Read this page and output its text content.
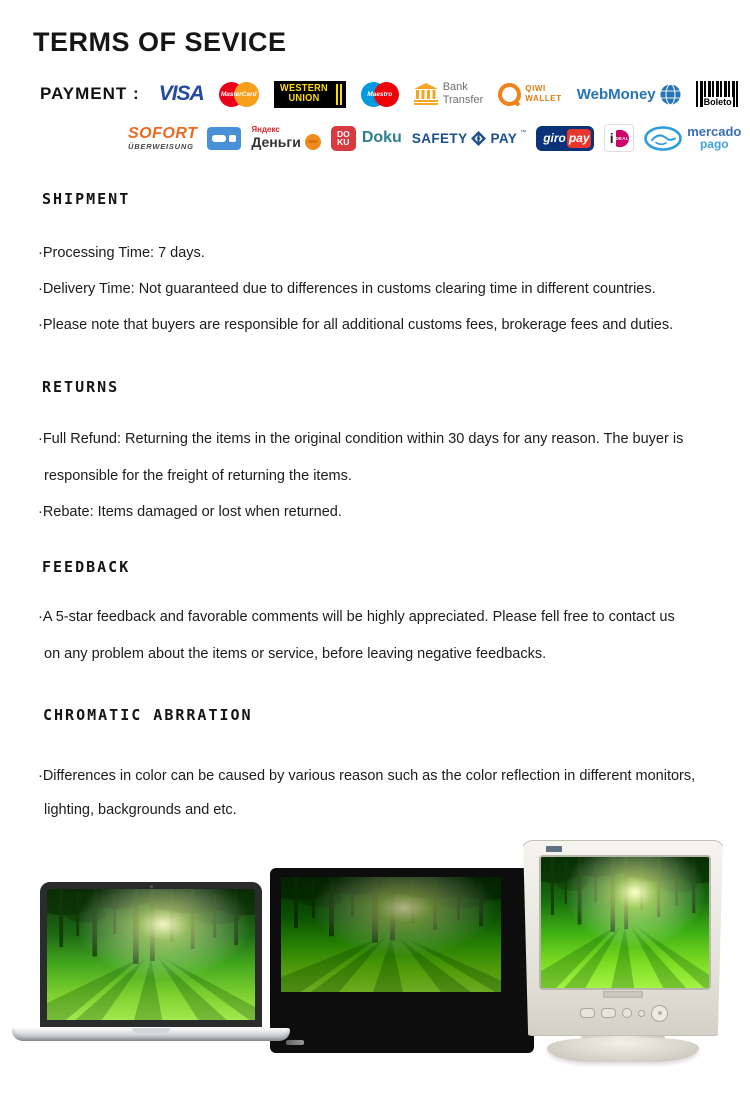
TERMS OF SEVICE
PAYMENT : VISA	MasterCard
WESTERN
UNION	Maestro
Bank
Transfer
QIWI
WALLET WebMoney	Boleto
SOFORT
ÜBERWEISUNG
Яндекс
Деньги
DO
KU Doku SAFETY PAY ™ giro pay i DEAL	mercado
pago
SHIPMENT
·Processing Time: 7 days.
·Delivery Time: Not guaranteed due to differences in customs clearing time in different countries.
·Please note that buyers are responsible for all additional customs fees, brokerage fees and duties.
RETURNS
·Full Refund: Returning the items in the original condition within 30 days for any reason. The buyer is
responsible for the freight of returning the items.
·Rebate: Items damaged or lost when returned.
FEEDBACK
·A 5-star feedback and favorable comments will be highly appreciated. Please fell free to contact us
on any problem about the items or service, before leaving negative feedbacks.
CHROMATIC ABRRATION
·Differences in color can be caused by various reason such as the color reflection in different monitors,
lighting, backgrounds and etc.
